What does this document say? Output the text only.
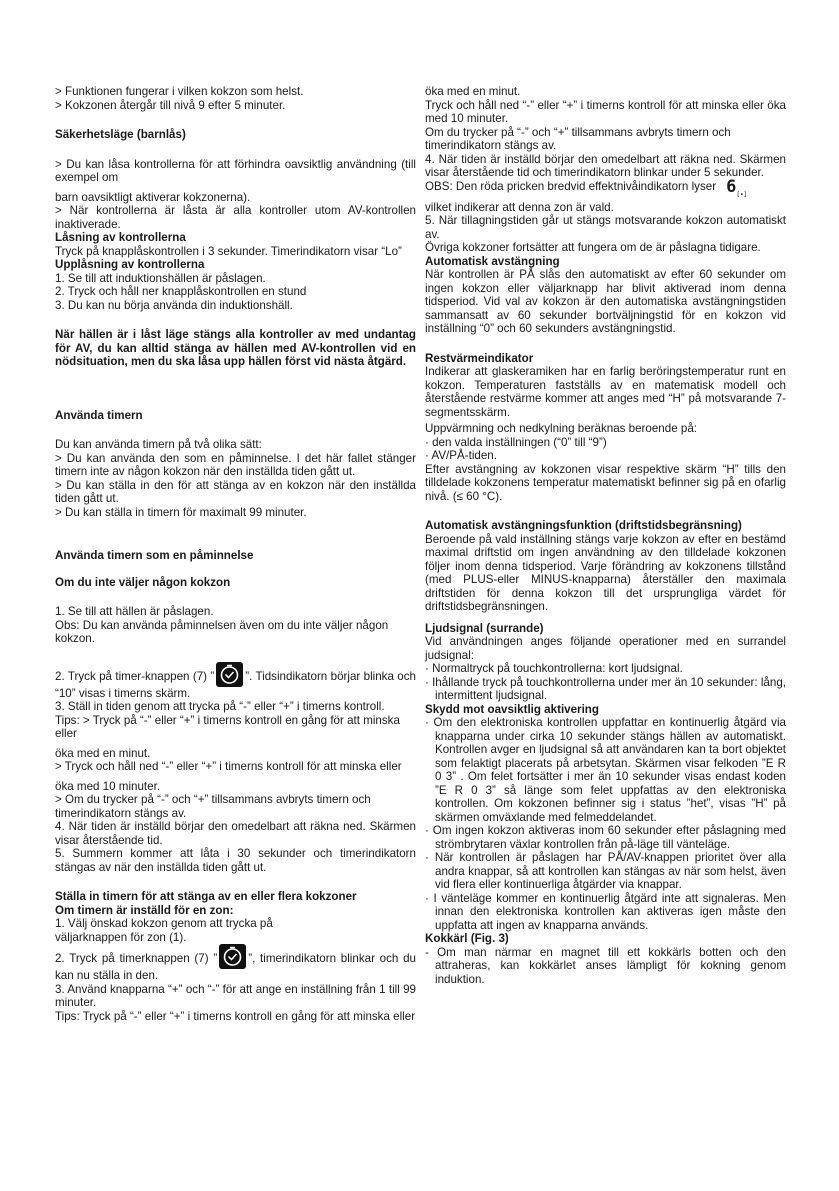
> Funktionen fungerar i vilken kokzon som helst.

> Kokzonen återgår till nivå 9 efter 5 minuter.

Säkerhetsläge (barnlås)

> Du kan låsa kontrollerna för att förhindra oavsiktlig användning (till exempel om

barn oavsiktligt aktiverar kokzonerna).

> När kontrollerna är låsta är alla kontroller utom AV-kontrollen inaktiverade.

Låsning av kontrollerna

Tryck på knapplåskontrollen i 3 sekunder. Timerindikatorn visar “Lo”

Upplåsning av kontrollerna

1. Se till att induktionshällen är påslagen.

2. Tryck och håll ner knapplåskontrollen en stund

3. Du kan nu börja använda din induktionshäll.

När hällen är i låst läge stängs alla kontroller av med undantag för AV, du kan alltid stänga av hällen med AV-kontrollen vid en nödsituation, men du ska låsa upp hällen först vid nästa åtgärd.

Använda timern

Du kan använda timern på två olika sätt:

> Du kan använda den som en påminnelse. I det här fallet stänger timern inte av någon kokzon när den inställda tiden gått ut.

> Du kan ställa in den för att stänga av en kokzon när den inställda tiden gått ut.

> Du kan ställa in timern för maximalt 99 minuter.

Använda timern som en påminnelse

Om du inte väljer någon kokzon

1. Se till att hällen är påslagen.

Obs: Du kan använda påminnelsen även om du inte väljer någon kokzon.

2. Tryck på timer-knappen (7) ”	”. Tidsindikatorn börjar blinka och “10” visas i timerns skärm.

3. Ställ in tiden genom att trycka på “-” eller “+” i timerns kontroll.

Tips: > Tryck på “-” eller “+” i timerns kontroll en gång för att minska eller

öka med en minut.

> Tryck och håll ned “-” eller “+” i timerns kontroll för att minska eller

öka med 10 minuter.

> Om du trycker på “-” och “+” tillsammans avbryts timern och timerindikatorn stängs av.

4. När tiden är inställd börjar den omedelbart att räkna ned. Skärmen visar återstående tid.

5. Summern kommer att låta i 30 sekunder och timerindikatorn stängas av när den inställda tiden gått ut.

Ställa in timern för att stänga av en eller flera kokzoner

Om timern är inställd för en zon:

1. Välj önskad kokzon genom att trycka på

väljarknappen för zon (1).

2. Tryck på timerknappen (7) ”	”, timerindikatorn blinkar och du kan nu ställa in den.

3. Använd knapparna “+” och “-” för att ange en inställning från 1 till 99 minuter.

Tips: Tryck på “-” eller “+” i timerns kontroll en gång för att minska eller

öka med en minut.

Tryck och håll ned “-” eller “+” i timerns kontroll för att minska eller öka med 10 minuter.

Om du trycker på “-” och “+” tillsammans avbryts timern och timerindikatorn stängs av.

4. När tiden är inställd börjar den omedelbart att räkna ned. Skärmen visar återstående tid och timerindikatorn blinkar under 5 sekunder.

OBS: Den röda pricken bredvid effektnivåindikatorn lyser $6_{[•]}$

vilket indikerar att denna zon är vald.

5. När tillagningstiden går ut stängs motsvarande kokzon automatiskt av.

Övriga kokzoner fortsätter att fungera om de är påslagna tidigare.

Automatisk avstängning

När kontrollen är PÅ slås den automatiskt av efter 60 sekunder om ingen kokzon eller väljarknapp har blivit aktiverad inom denna tidsperiod. Vid val av kokzon är den automatiska avstängningstiden sammansatt av 60 sekunder bortväljningstid för en kokzon vid inställning “0” och 60 sekunders avstängningstid.

Restvärmeindikator

Indikerar att glaskeramiken har en farlig beröringstemperatur runt en kokzon. Temperaturen fastställs av en matematisk modell och återstående restvärme kommer att anges med “H” på motsvarande 7-segmentsskärm.

Uppvärmning och nedkylning beräknas beroende på:

· den valda inställningen (“0” till “9”)

· AV/PÅ-tiden.

Efter avstängning av kokzonen visar respektive skärm “H” tills den tilldelade kokzonens temperatur matematiskt befinner sig på en ofarlig nivå. (≤ 60 °C).

Automatisk avstängningsfunktion (driftstidsbegränsning)

Beroende på vald inställning stängs varje kokzon av efter en bestämd maximal driftstid om ingen användning av den tilldelade kokzonen följer inom denna tidsperiod. Varje förändring av kokzonens tillstånd (med PLUS-eller MINUS-knapparna) återställer den maximala driftstiden för denna kokzon till det ursprungliga värdet för driftstidsbegränsningen.

Ljudsignal (surrande)

Vid användningen anges följande operationer med en surrandel judsignal:

· Normaltryck på touchkontrollerna: kort ljudsignal.

· Ihållande tryck på touchkontrollerna under mer än 10 sekunder: lång, intermittent ljudsignal.

Skydd mot oavsiktlig aktivering

· Om den elektroniska kontrollen uppfattar en kontinuerlig åtgärd via knapparna under cirka 10 sekunder stängs hällen av automatiskt. Kontrollen avger en ljudsignal så att användaren kan ta bort objektet som felaktigt placerats på arbetsytan. Skärmen visar felkoden ”E R 0 3” . Om felet fortsätter i mer än 10 sekunder visas endast koden ”E R 0 3” så länge som felet uppfattas av den elektroniska kontrollen. Om kokzonen befinner sig i status ”het”, visas ”H” på skärmen omväxlande med felmeddelandet.

· Om ingen kokzon aktiveras inom 60 sekunder efter påslagning med strömbrytaren växlar kontrollen från på-läge till vänteläge.

· När kontrollen är påslagen har PÅ/AV-knappen prioritet över alla andra knappar, så att kontrollen kan stängas av när som helst, även vid flera eller kontinuerliga åtgärder via knappar.

· I vänteläge kommer en kontinuerlig åtgärd inte att signaleras. Men innan den elektroniska kontrollen kan aktiveras igen måste den uppfatta att ingen av knapparna används.

Kokkärl (Fig. 3)

- Om man närmar en magnet till ett kokkärls botten och den attraheras, kan kokkärlet anses lämpligt för kokning genom induktion.
